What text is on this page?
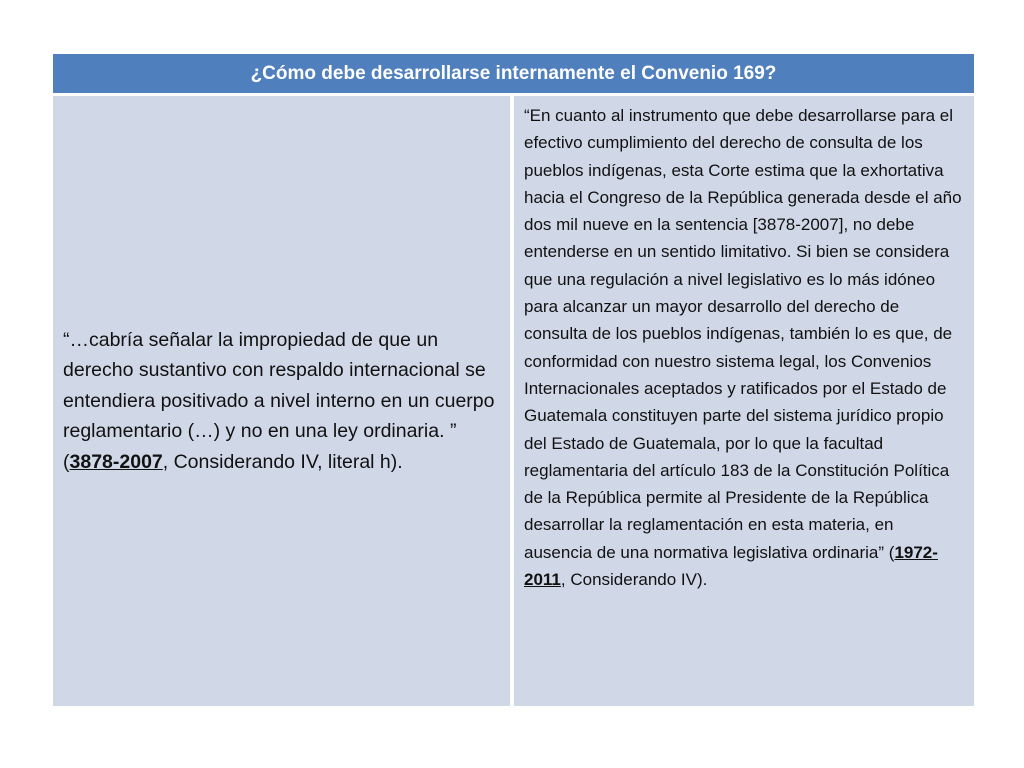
¿Cómo debe desarrollarse internamente el Convenio 169?
“…cabría señalar la impropiedad de que un derecho sustantivo con respaldo internacional se entendiera positivado a nivel interno en un cuerpo reglamentario (…) y no en una ley ordinaria. ” (3878-2007, Considerando IV, literal h).
“En cuanto al instrumento que debe desarrollarse para el efectivo cumplimiento del derecho de consulta de los pueblos indígenas, esta Corte estima que la exhortativa hacia el Congreso de la República generada desde el año dos mil nueve en la sentencia [3878-2007], no debe entenderse en un sentido limitativo. Si bien se considera que una regulación a nivel legislativo es lo más idóneo para alcanzar un mayor desarrollo del derecho de consulta de los pueblos indígenas, también lo es que, de conformidad con nuestro sistema legal, los Convenios Internacionales aceptados y ratificados por el Estado de Guatemala constituyen parte del sistema jurídico propio del Estado de Guatemala, por lo que la facultad reglamentaria del artículo 183 de la Constitución Política de la República permite al Presidente de la República desarrollar la reglamentación en esta materia, en ausencia de una normativa legislativa ordinaria” (1972-2011, Considerando IV).
